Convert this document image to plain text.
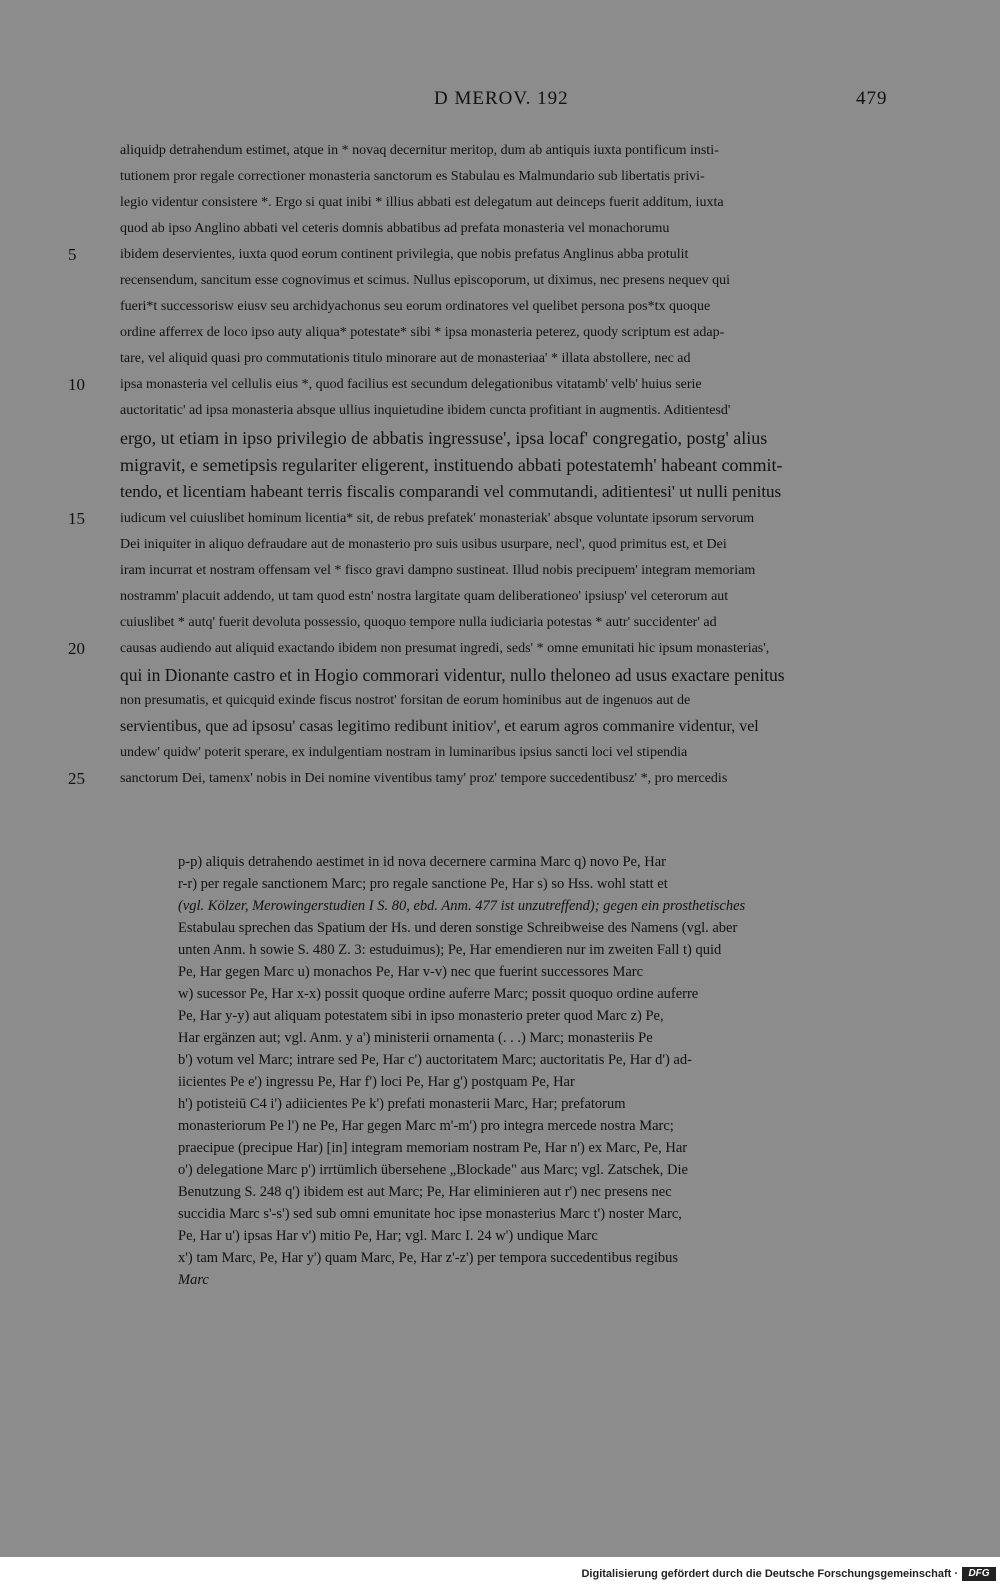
D MEROV. 192	479
aliquidp detrahendum estimet, atque in * novaq decernitur meritop, dum ab antiquis iuxta pontificum insti-
tutionem pror regale correctioner monasteria sanctorum es Stabulau es Malmundario sub libertatis privi-
legio videntur consistere *. Ergo si quat inibi * illius abbati est delegatum aut deinceps fuerit additum, iuxta
quod ab ipso Anglino abbati vel ceteris domnis abbatibus ad prefata monasteria vel monachorumu
ibidem deservientes, iuxta quod eorum continent privilegia, que nobis prefatus Anglinus abba protulit
recensendum, sancitum esse cognovimus et scimus. Nullus episcoporum, ut diximus, nec presens nequev qui
fueri*t successorisw eiusv seu archidyachonus seu eorum ordinatores vel quelibet persona pos*tx quoque
ordine afferrex de loco ipso auty aliqua* potestate* sibi * ipsa monasteria peterez, quody scriptum est adap-
tare, vel aliquid quasi pro commutationis titulo minorare aut de monasteriaa' * illata abstollere, nec ad
ipsa monasteria vel cellulis eius *, quod facilius est secundum delegationibus vitatamb' velb' huius serie
auctoritatic' ad ipsa monasteria absque ullius inquietudine ibidem cuncta profitiant in augmentis. Aditientesd'
ergo, ut etiam in ipso privilegio de abbatis ingressuse', ipsa locaf' congregatio, postg' alius
migravit, e semetipsis regulariter eligerent, instituendo abbati potestatemh' habeant commit-
tendo, et licentiam habeant terris fiscalis comparandi vel commutandi, aditientesi' ut nulli penitus
iudicum vel cuiuslibet hominum licentia* sit, de rebus prefatek' monasteriak' absque voluntate ipsorum servorum
Dei iniquiter in aliquo defraudare aut de monasterio pro suis usibus usurpare, necl', quod primitus est, et Dei
iram incurrat et nostram offensam vel * fisco gravi dampno sustineat. Illud nobis precipuem' integram memoriam
nostramm' placuit addendo, ut tam quod estn' nostra largitate quam deliberationeo' ipsiusp' vel ceterorum aut
cuiuslibet * autq' fuerit devoluta possessio, quoquo tempore nulla iudiciaria potestas * autr' succidenter' ad
causas audiendo aut aliquid exactando ibidem non presumat ingredi, seds' * omne emunitati hic ipsum monasterias',
qui in Dionante castro et in Hogio commorari videntur, nullo theloneo ad usus exactare penitus
non presumatis, et quicquid exinde fiscus nostrot' forsitan de eorum hominibus aut de ingenuos aut de
servientibus, que ad ipsosu' casas legitimo redibunt initiov', et earum agros commanire videntur, vel
undew' quidw' poterit sperare, ex indulgentiam nostram in luminaribus ipsius sancti loci vel stipendia
sanctorum Dei, tamenx' nobis in Dei nomine viventibus tamy' proz' tempore succedentibusz' *, pro mercedis
5
10
15
20
25
p-p) aliquis detrahendo aestimet in id nova decernere carmina Marc q) novo Pe, Har
r-r) per regale sanctionem Marc; pro regale sanctione Pe, Har s) so Hss. wohl statt et
(vgl. Kölzer, Merowingerstudien I S. 80, ebd. Anm. 477 ist unzutreffend); gegen ein prosthetisches
Estabulau sprechen das Spatium der Hs. und deren sonstige Schreibweise des Namens (vgl. aber
unten Anm. h sowie S. 480 Z. 3: estuduimus); Pe, Har emendieren nur im zweiten Fall t) quid
Pe, Har gegen Marc u) monachos Pe, Har v-v) nec que fuerint successores Marc
w) sucessor Pe, Har x-x) possit quoque ordine auferre Marc; possit quoquo ordine auferre
Pe, Har y-y) aut aliquam potestatem sibi in ipso monasterio preter quod Marc z) Pe,
Har ergänzen aut; vgl. Anm. y a') ministerii ornamenta (. . .) Marc; monasteriis Pe
b') votum vel Marc; intrare sed Pe, Har c') auctoritatem Marc; auctoritatis Pe, Har d') ad-
iicientes Pe e') ingressu Pe, Har f') loci Pe, Har g') postquam Pe, Har
h') potisteiū C4 i') adiicientes Pe k') prefati monasterii Marc, Har; prefatorum
monasteriorum Pe l') ne Pe, Har gegen Marc m'-m') pro integra mercede nostra Marc;
praecipue (precipue Har) [in] integram memoriam nostram Pe, Har n') ex Marc, Pe, Har
o') delegatione Marc p') irrtümlich übersehene „Blockade" aus Marc; vgl. Zatschek, Die
Benutzung S. 248 q') ibidem est aut Marc; Pe, Har eliminieren aut r') nec presens nec
succidia Marc s'-s') sed sub omni emunitate hoc ipse monasterius Marc t') noster Marc,
Pe, Har u') ipsas Har v') mitio Pe, Har; vgl. Marc I. 24 w') undique Marc
x') tam Marc, Pe, Har y') quam Marc, Pe, Har z'-z') per tempora succedentibus regibus
Marc
Digitalisierung gefördert durch die Deutsche Forschungsgemeinschaft ·	DFG
